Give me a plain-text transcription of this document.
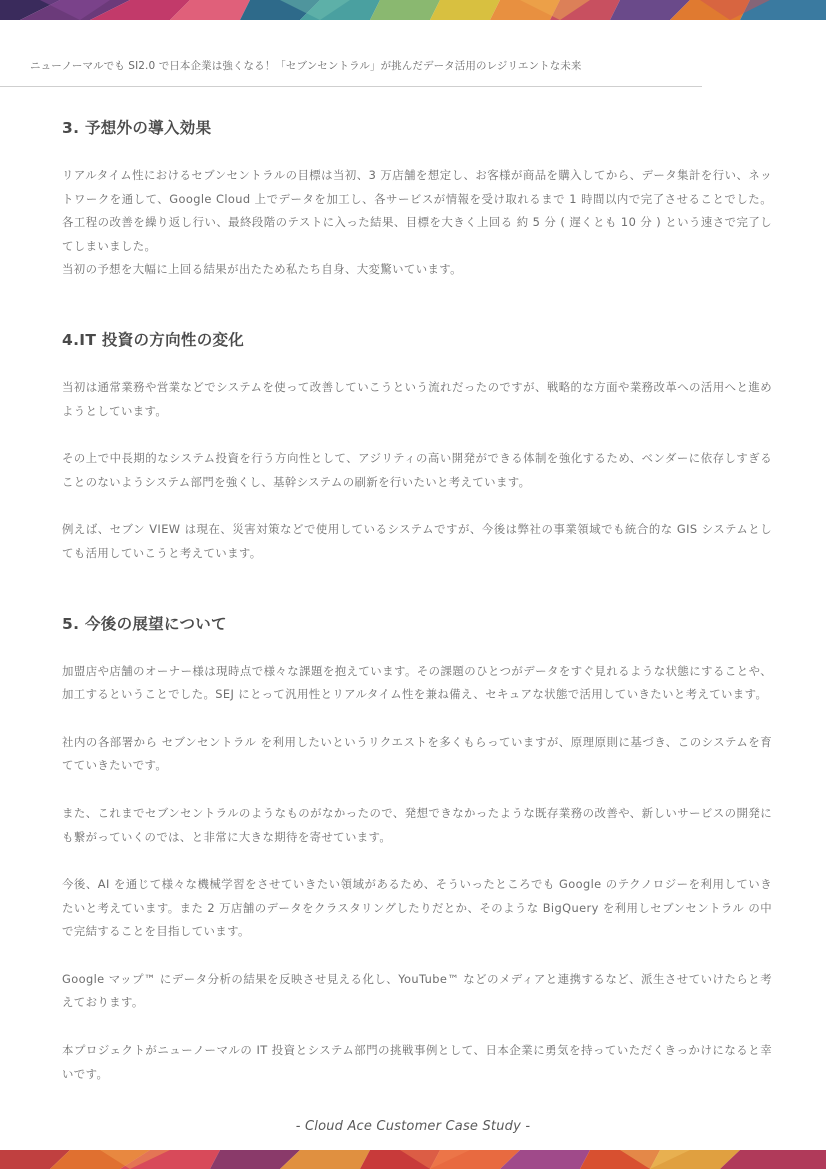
ニューノーマルでも SI2.0 で日本企業は強くなる！「セブンセントラル」が挑んだデータ活用のレジリエントな未来
3. 予想外の導入効果

リアルタイム性におけるセブンセントラルの目標は当初、3 万店舗を想定し、お客様が商品を購入してから、データ集計を行い、ネットワークを通して、Google Cloud 上でデータを加工し、各サービスが情報を受け取れるまで 1 時間以内で完了させることでした。各工程の改善を繰り返し行い、最終段階のテストに入った結果、目標を大きく上回る 約 5 分 ( 遅くとも 10 分 ) という速さで完了してしまいました。

当初の予想を大幅に上回る結果が出たため私たち自身、大変驚いています。

4.IT 投資の方向性の変化

当初は通常業務や営業などでシステムを使って改善していこうという流れだったのですが、戦略的な方面や業務改革への活用へと進めようとしています。

その上で中長期的なシステム投資を行う方向性として、アジリティの高い開発ができる体制を強化するため、ベンダーに依存しすぎることのないようシステム部門を強くし、基幹システムの刷新を行いたいと考えています。

例えば、セブン VIEW は現在、災害対策などで使用しているシステムですが、今後は弊社の事業領域でも統合的な GIS システムとしても活用していこうと考えています。

5. 今後の展望について

加盟店や店舗のオーナー様は現時点で様々な課題を抱えています。その課題のひとつがデータをすぐ見れるような状態にすることや、加工するということでした。SEJ にとって汎用性とリアルタイム性を兼ね備え、セキュアな状態で活用していきたいと考えています。

社内の各部署から セブンセントラル を利用したいというリクエストを多くもらっていますが、原理原則に基づき、このシステムを育てていきたいです。

また、これまでセブンセントラルのようなものがなかったので、発想できなかったような既存業務の改善や、新しいサービスの開発にも繋がっていくのでは、と非常に大きな期待を寄せています。

今後、AI を通じて様々な機械学習をさせていきたい領域があるため、そういったところでも Google のテクノロジーを利用していきたいと考えています。また 2 万店舗のデータをクラスタリングしたりだとか、そのような BigQuery を利用しセブンセントラル の中で完結することを目指しています。

Google マップ™ にデータ分析の結果を反映させ見える化し、YouTube™ などのメディアと連携するなど、派生させていけたらと考えております。

本プロジェクトがニューノーマルの IT 投資とシステム部門の挑戦事例として、日本企業に勇気を持っていただくきっかけになると幸いです。

- Cloud Ace Customer Case Study -
